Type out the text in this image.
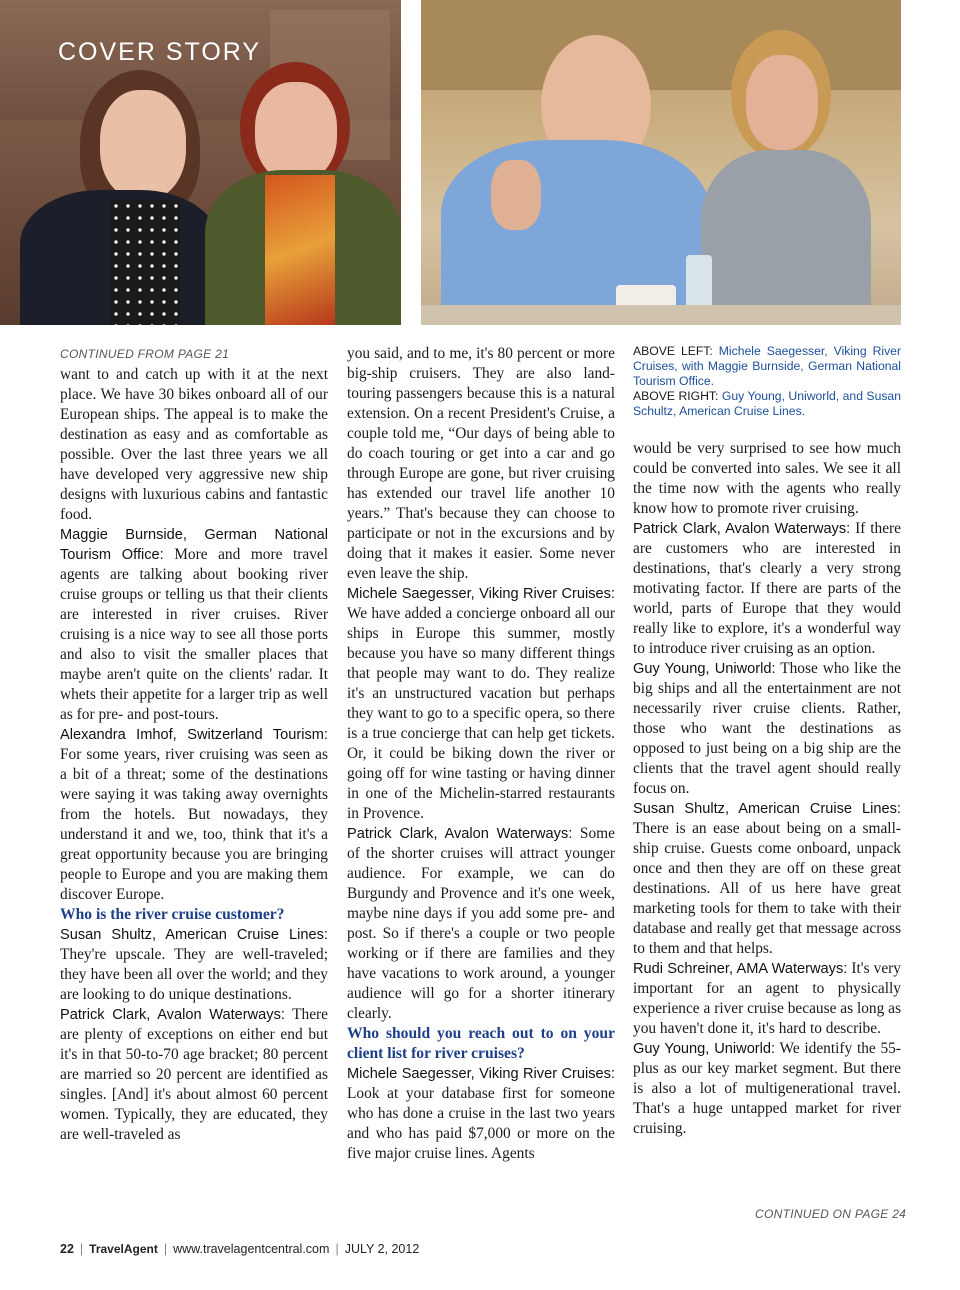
COVER STORY
CONTINUED FROM PAGE 21

want to and catch up with it at the next place. We have 30 bikes onboard all of our European ships. The appeal is to make the destination as easy and as comfortable as possible. Over the last three years we all have developed very aggressive new ship designs with luxurious cabins and fantastic food.

Maggie Burnside, German National Tourism Office: More and more travel agents are talking about booking river cruise groups or telling us that their clients are interested in river cruises. River cruising is a nice way to see all those ports and also to visit the smaller places that maybe aren't quite on the clients' radar. It whets their appetite for a larger trip as well as for pre- and post-tours.

Alexandra Imhof, Switzerland Tourism: For some years, river cruising was seen as a bit of a threat; some of the destinations were saying it was taking away overnights from the hotels. But nowadays, they understand it and we, too, think that it's a great opportunity because you are bringing people to Europe and you are making them discover Europe.

Who is the river cruise customer?

Susan Shultz, American Cruise Lines: They're upscale. They are well-traveled; they have been all over the world; and they are looking to do unique destinations.

Patrick Clark, Avalon Waterways: There are plenty of exceptions on either end but it's in that 50-to-70 age bracket; 80 percent are married so 20 percent are identified as singles. [And] it's about almost 60 percent women. Typically, they are educated, they are well-traveled as

you said, and to me, it's 80 percent or more big-ship cruisers. They are also land-touring passengers because this is a natural extension. On a recent President's Cruise, a couple told me, “Our days of being able to do coach touring or get into a car and go through Europe are gone, but river cruising has extended our travel life another 10 years.” That's because they can choose to participate or not in the excursions and by doing that it makes it easier. Some never even leave the ship.

Michele Saegesser, Viking River Cruises: We have added a concierge onboard all our ships in Europe this summer, mostly because you have so many different things that people may want to do. They realize it's an unstructured vacation but perhaps they want to go to a specific opera, so there is a true concierge that can help get tickets. Or, it could be biking down the river or going off for wine tasting or having dinner in one of the Michelin-starred restaurants in Provence.

Patrick Clark, Avalon Waterways: Some of the shorter cruises will attract younger audience. For example, we can do Burgundy and Provence and it's one week, maybe nine days if you add some pre- and post. So if there's a couple or two people working or if there are families and they have vacations to work around, a younger audience will go for a shorter itinerary clearly.

Who should you reach out to on your client list for river cruises?

Michele Saegesser, Viking River Cruises: Look at your database first for someone who has done a cruise in the last two years and who has paid $7,000 or more on the five major cruise lines. Agents

ABOVE LEFT: Michele Saegesser, Viking River Cruises, with Maggie Burnside, German National Tourism Office.

ABOVE RIGHT: Guy Young, Uniworld, and Susan Schultz, American Cruise Lines.

would be very surprised to see how much could be converted into sales. We see it all the time now with the agents who really know how to promote river cruising.

Patrick Clark, Avalon Waterways: If there are customers who are interested in destinations, that's clearly a very strong motivating factor. If there are parts of the world, parts of Europe that they would really like to explore, it's a wonderful way to introduce river cruising as an option.

Guy Young, Uniworld: Those who like the big ships and all the entertainment are not necessarily river cruise clients. Rather, those who want the destinations as opposed to just being on a big ship are the clients that the travel agent should really focus on.

Susan Shultz, American Cruise Lines: There is an ease about being on a small-ship cruise. Guests come onboard, unpack once and then they are off on these great destinations. All of us here have great marketing tools for them to take with their database and really get that message across to them and that helps.

Rudi Schreiner, AMA Waterways: It's very important for an agent to physically experience a river cruise because as long as you haven't done it, it's hard to describe.

Guy Young, Uniworld: We identify the 55-plus as our key market segment. But there is also a lot of multigenerational travel. That's a huge untapped market for river cruising.

CONTINUED ON PAGE 24
22 | TravelAgent | www.travelagentcentral.com | JULY 2, 2012
